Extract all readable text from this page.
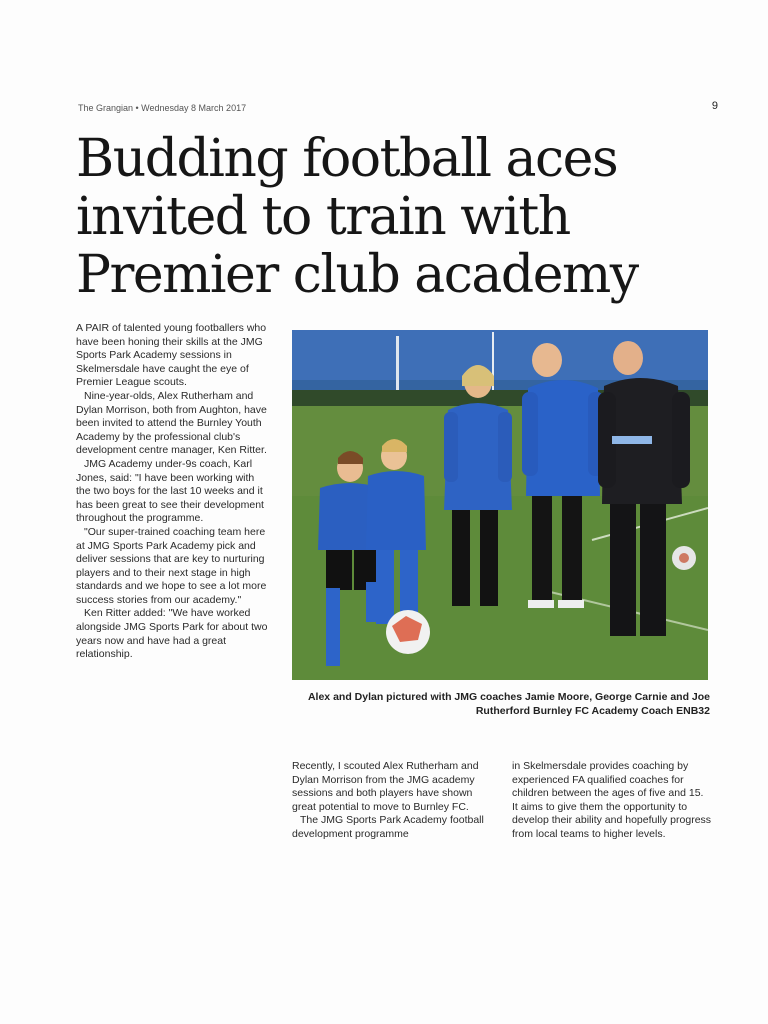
The Grangian • Wednesday 8 March 2017	9
Budding football aces
invited to train with
Premier club academy

A PAIR of talented young footballers who have been honing their skills at the JMG Sports Park Academy sessions in Skelmersdale have caught the eye of Premier League scouts.

Nine-year-olds, Alex Rutherham and Dylan Morrison, both from Aughton, have been invited to attend the Burnley Youth Academy by the professional club's development centre manager, Ken Ritter.

JMG Academy under-9s coach, Karl Jones, said: "I have been working with the two boys for the last 10 weeks and it has been great to see their development throughout the programme.

"Our super-trained coaching team here at JMG Sports Park Academy pick and deliver sessions that are key to nurturing players and to their next stage in high standards and we hope to see a lot more success stories from our academy."

Ken Ritter added: "We have worked alongside JMG Sports Park for about two years now and have had a great relationship.

Alex and Dylan pictured with JMG coaches Jamie Moore, George Carnie and Joe Rutherford Burnley FC Academy Coach ENB32

Recently, I scouted Alex Rutherham and Dylan Morrison from the JMG academy sessions and both players have shown great potential to move to Burnley FC.

The JMG Sports Park Academy football development programme

in Skelmersdale provides coaching by experienced FA qualified coaches for children between the ages of five and 15. It aims to give them the opportunity to develop their ability and hopefully progress from local teams to higher levels.
